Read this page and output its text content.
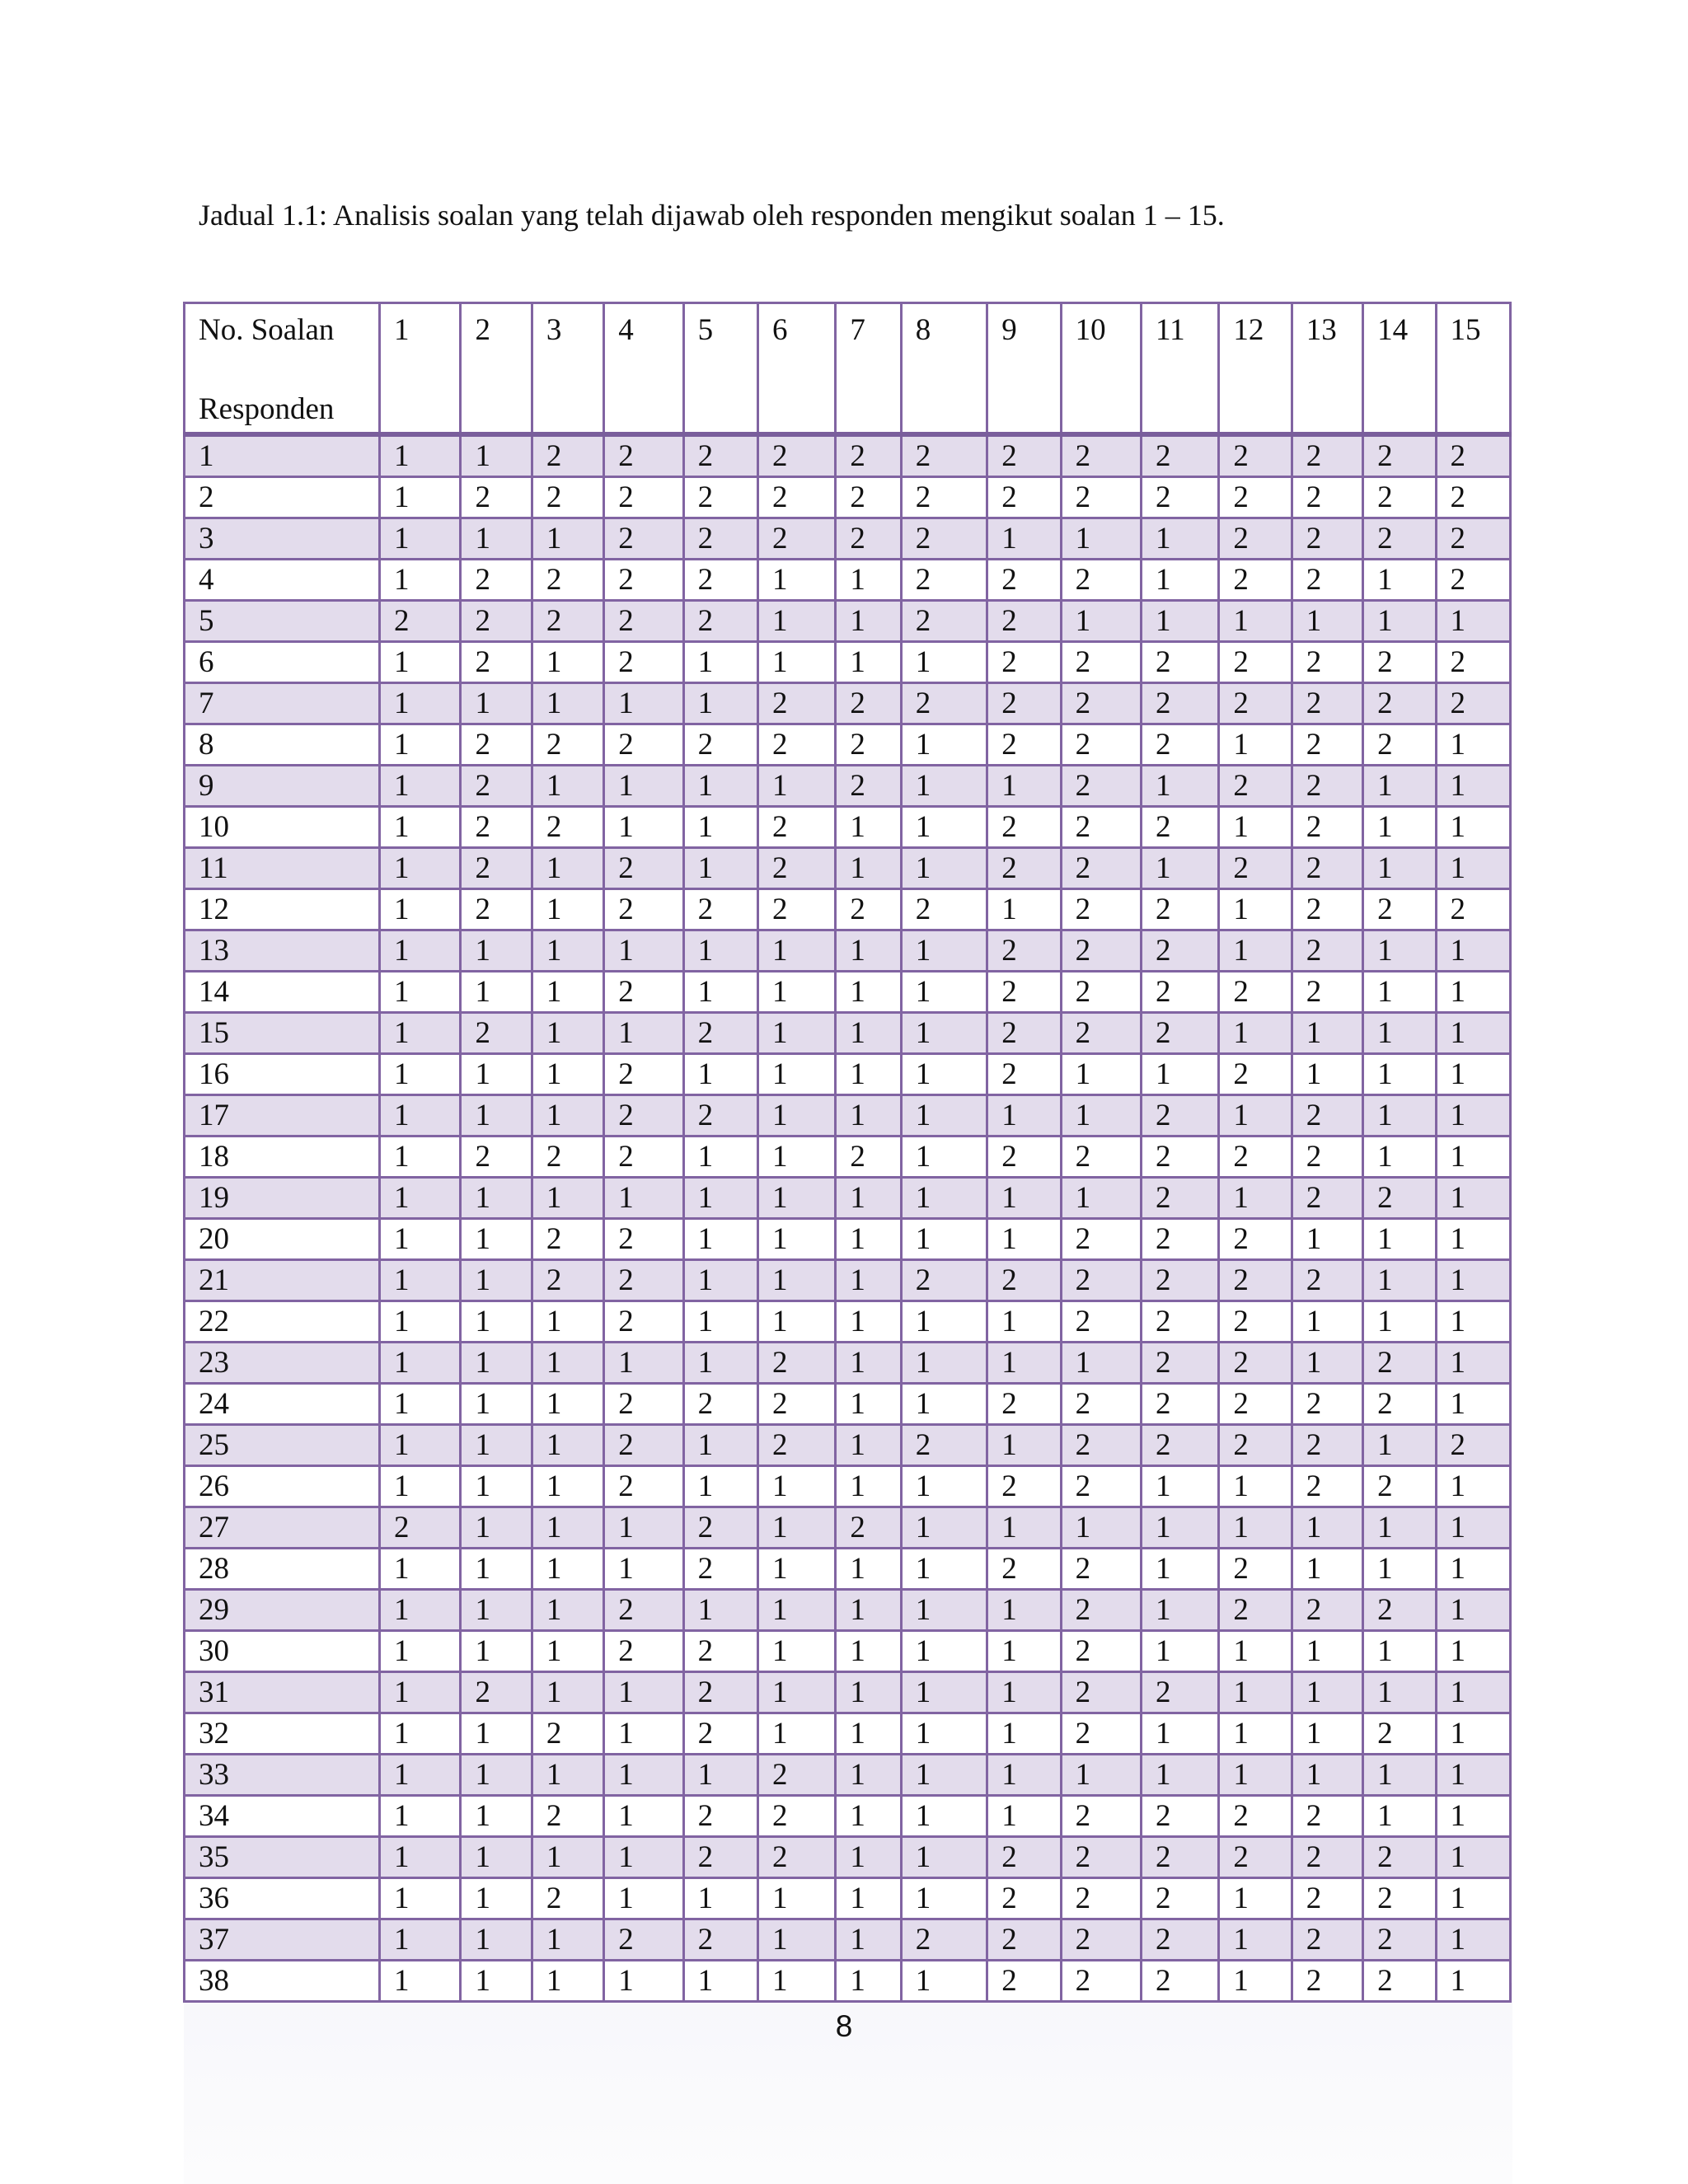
Jadual 1.1: Analisis soalan yang telah dijawab oleh responden mengikut soalan 1 – 15.
No. Soalan
Responden	1	2	3	4	5	6	7	8	9	10	11	12	13	14	15
1	1	1	2	2	2	2	2	2	2	2	2	2	2	2	2
2	1	2	2	2	2	2	2	2	2	2	2	2	2	2	2
3	1	1	1	2	2	2	2	2	1	1	1	2	2	2	2
4	1	2	2	2	2	1	1	2	2	2	1	2	2	1	2
5	2	2	2	2	2	1	1	2	2	1	1	1	1	1	1
6	1	2	1	2	1	1	1	1	2	2	2	2	2	2	2
7	1	1	1	1	1	2	2	2	2	2	2	2	2	2	2
8	1	2	2	2	2	2	2	1	2	2	2	1	2	2	1
9	1	2	1	1	1	1	2	1	1	2	1	2	2	1	1
10	1	2	2	1	1	2	1	1	2	2	2	1	2	1	1
11	1	2	1	2	1	2	1	1	2	2	1	2	2	1	1
12	1	2	1	2	2	2	2	2	1	2	2	1	2	2	2
13	1	1	1	1	1	1	1	1	2	2	2	1	2	1	1
14	1	1	1	2	1	1	1	1	2	2	2	2	2	1	1
15	1	2	1	1	2	1	1	1	2	2	2	1	1	1	1
16	1	1	1	2	1	1	1	1	2	1	1	2	1	1	1
17	1	1	1	2	2	1	1	1	1	1	2	1	2	1	1
18	1	2	2	2	1	1	2	1	2	2	2	2	2	1	1
19	1	1	1	1	1	1	1	1	1	1	2	1	2	2	1
20	1	1	2	2	1	1	1	1	1	2	2	2	1	1	1
21	1	1	2	2	1	1	1	2	2	2	2	2	2	1	1
22	1	1	1	2	1	1	1	1	1	2	2	2	1	1	1
23	1	1	1	1	1	2	1	1	1	1	2	2	1	2	1
24	1	1	1	2	2	2	1	1	2	2	2	2	2	2	1
25	1	1	1	2	1	2	1	2	1	2	2	2	2	1	2
26	1	1	1	2	1	1	1	1	2	2	1	1	2	2	1
27	2	1	1	1	2	1	2	1	1	1	1	1	1	1	1
28	1	1	1	1	2	1	1	1	2	2	1	2	1	1	1
29	1	1	1	2	1	1	1	1	1	2	1	2	2	2	1
30	1	1	1	2	2	1	1	1	1	2	1	1	1	1	1
31	1	2	1	1	2	1	1	1	1	2	2	1	1	1	1
32	1	1	2	1	2	1	1	1	1	2	1	1	1	2	1
33	1	1	1	1	1	2	1	1	1	1	1	1	1	1	1
34	1	1	2	1	2	2	1	1	1	2	2	2	2	1	1
35	1	1	1	1	2	2	1	1	2	2	2	2	2	2	1
36	1	1	2	1	1	1	1	1	2	2	2	1	2	2	1
37	1	1	1	2	2	1	1	2	2	2	2	1	2	2	1
38	1	1	1	1	1	1	1	1	2	2	2	1	2	2	1
8
